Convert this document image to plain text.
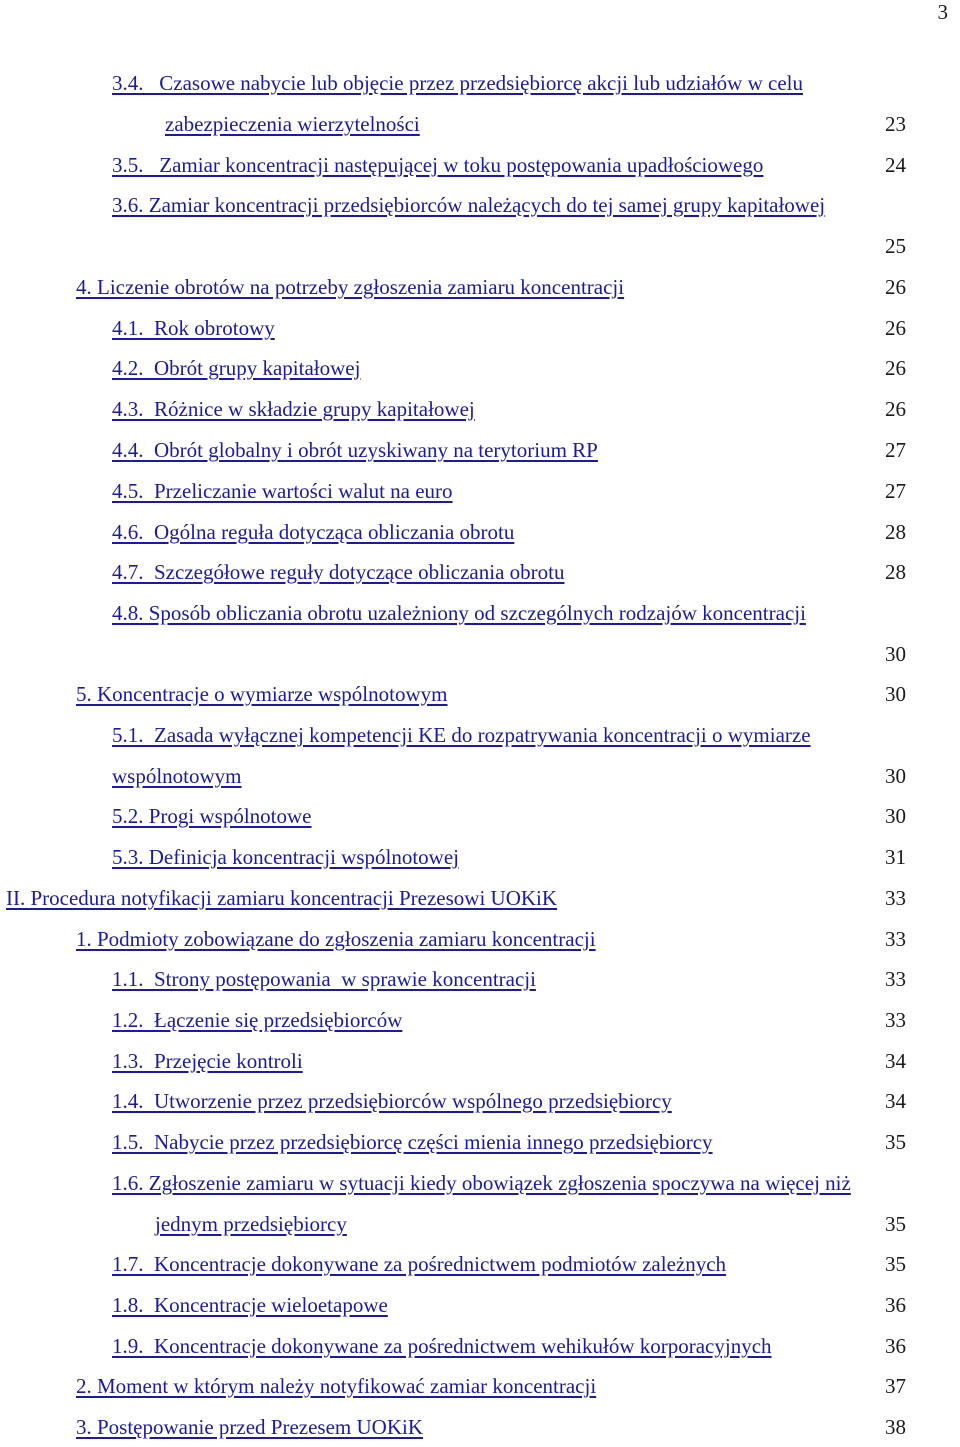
3
3.4.   Czasowe nabycie lub objęcie przez przedsiębiorcę akcji lub udziałów w celu
zabezpieczenia wierzytelności	23
3.5.   Zamiar koncentracji następującej w toku postępowania upadłościowego	24
3.6. Zamiar koncentracji przedsiębiorców należących do tej samej grupy kapitałowej
25
4. Liczenie obrotów na potrzeby zgłoszenia zamiaru koncentracji	26
4.1.  Rok obrotowy	26
4.2.  Obrót grupy kapitałowej	26
4.3.  Różnice w składzie grupy kapitałowej	26
4.4.  Obrót globalny i obrót uzyskiwany na terytorium RP	27
4.5.  Przeliczanie wartości walut na euro	27
4.6.  Ogólna reguła dotycząca obliczania obrotu	28
4.7.  Szczegółowe reguły dotyczące obliczania obrotu	28
4.8. Sposób obliczania obrotu uzależniony od szczególnych rodzajów koncentracji
30
5. Koncentracje o wymiarze wspólnotowym	30
5.1.  Zasada wyłącznej kompetencji KE do rozpatrywania koncentracji o wymiarze
wspólnotowym	30
5.2. Progi wspólnotowe	30
5.3. Definicja koncentracji wspólnotowej	31
II. Procedura notyfikacji zamiaru koncentracji Prezesowi UOKiK	33
1. Podmioty zobowiązane do zgłoszenia zamiaru koncentracji	33
1.1.  Strony postępowania  w sprawie koncentracji	33
1.2.  Łączenie się przedsiębiorców	33
1.3.  Przejęcie kontroli	34
1.4.  Utworzenie przez przedsiębiorców wspólnego przedsiębiorcy	34
1.5.  Nabycie przez przedsiębiorcę części mienia innego przedsiębiorcy	35
1.6. Zgłoszenie zamiaru w sytuacji kiedy obowiązek zgłoszenia spoczywa na więcej niż
jednym przedsiębiorcy	35
1.7.  Koncentracje dokonywane za pośrednictwem podmiotów zależnych	35
1.8.  Koncentracje wieloetapowe	36
1.9.  Koncentracje dokonywane za pośrednictwem wehikułów korporacyjnych	36
2. Moment w którym należy notyfikować zamiar koncentracji	37
3. Postępowanie przed Prezesem UOKiK	38
